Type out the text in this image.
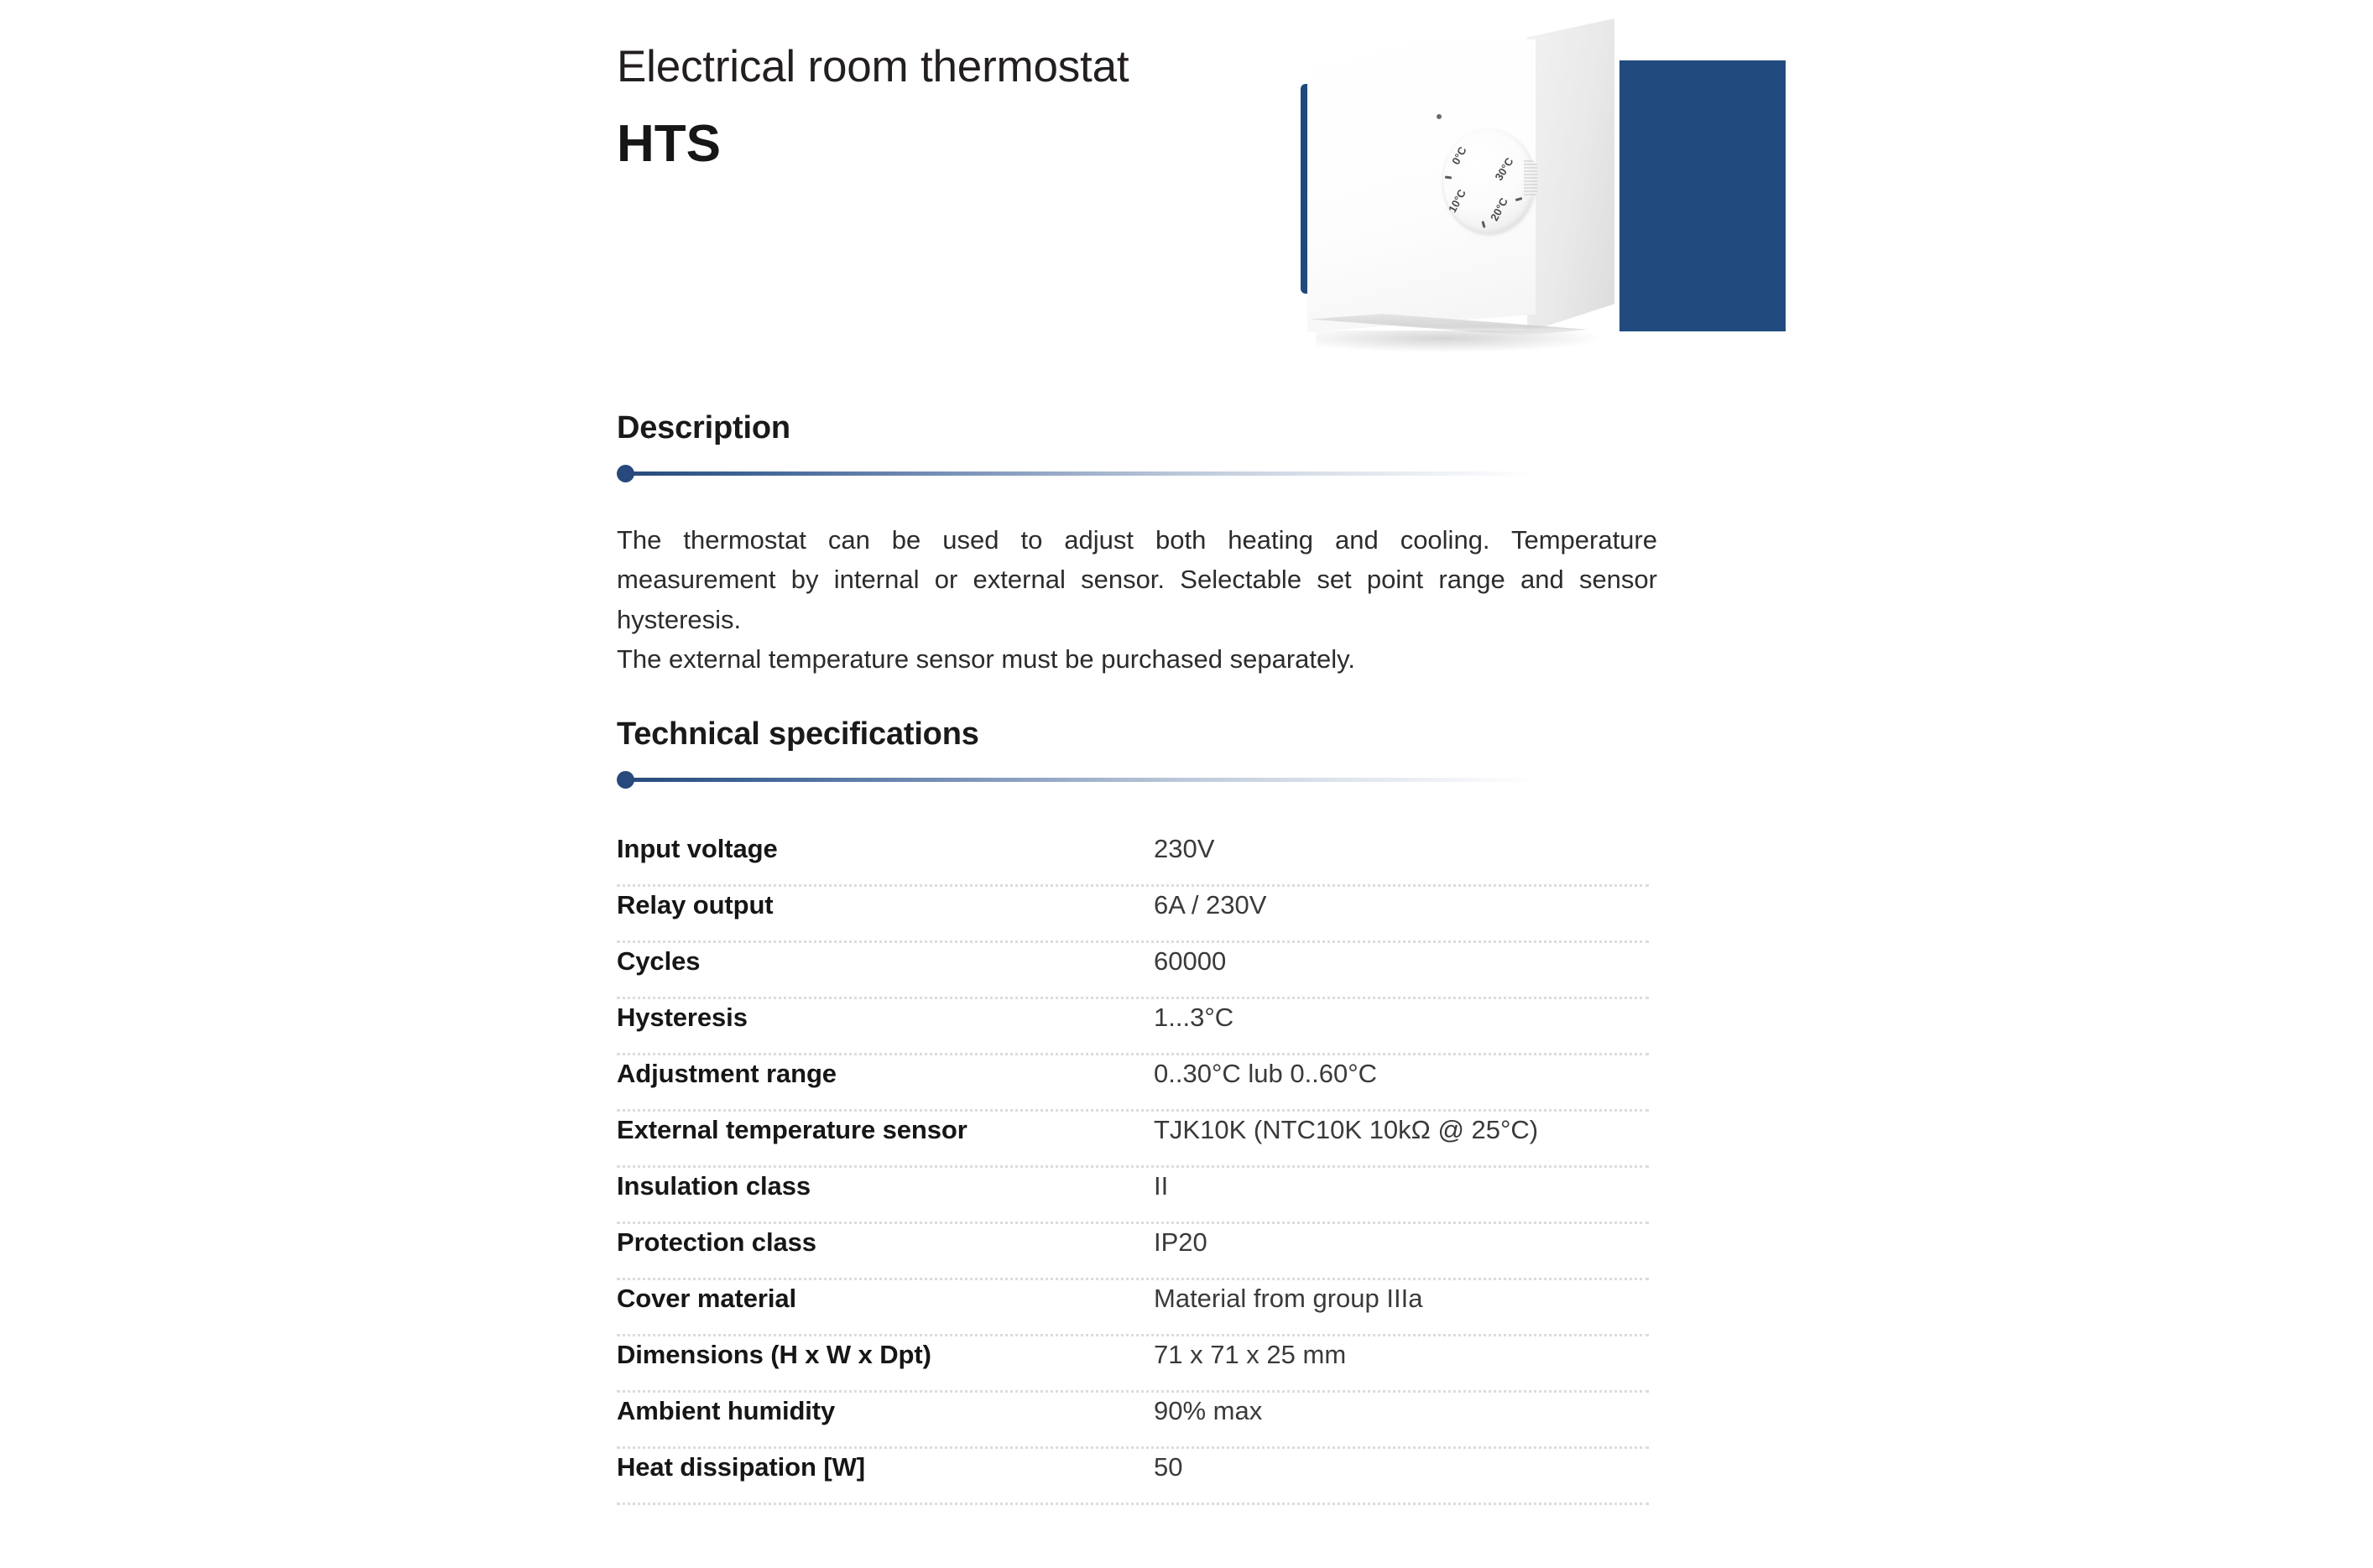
Electrical room thermostat
HTS	0°C 30°C
10°C 20°C
Description

The thermostat can be used to adjust both heating and cooling. Temperature measurement by internal or external sensor. Selectable set point range and sensor hysteresis.

The external temperature sensor must be purchased separately.

Technical specifications
Input voltage	230V
Relay output	6A / 230V
Cycles	60000
Hysteresis	1...3°C
Adjustment range	0..30°C lub 0..60°C
External temperature sensor	TJK10K (NTC10K 10kΩ @ 25°C)
Insulation class	II
Protection class	IP20
Cover material	Material from group IIIa
Dimensions (H x W x Dpt)	71 x 71 x 25 mm
Ambient humidity	90% max
Heat dissipation [W]	50
